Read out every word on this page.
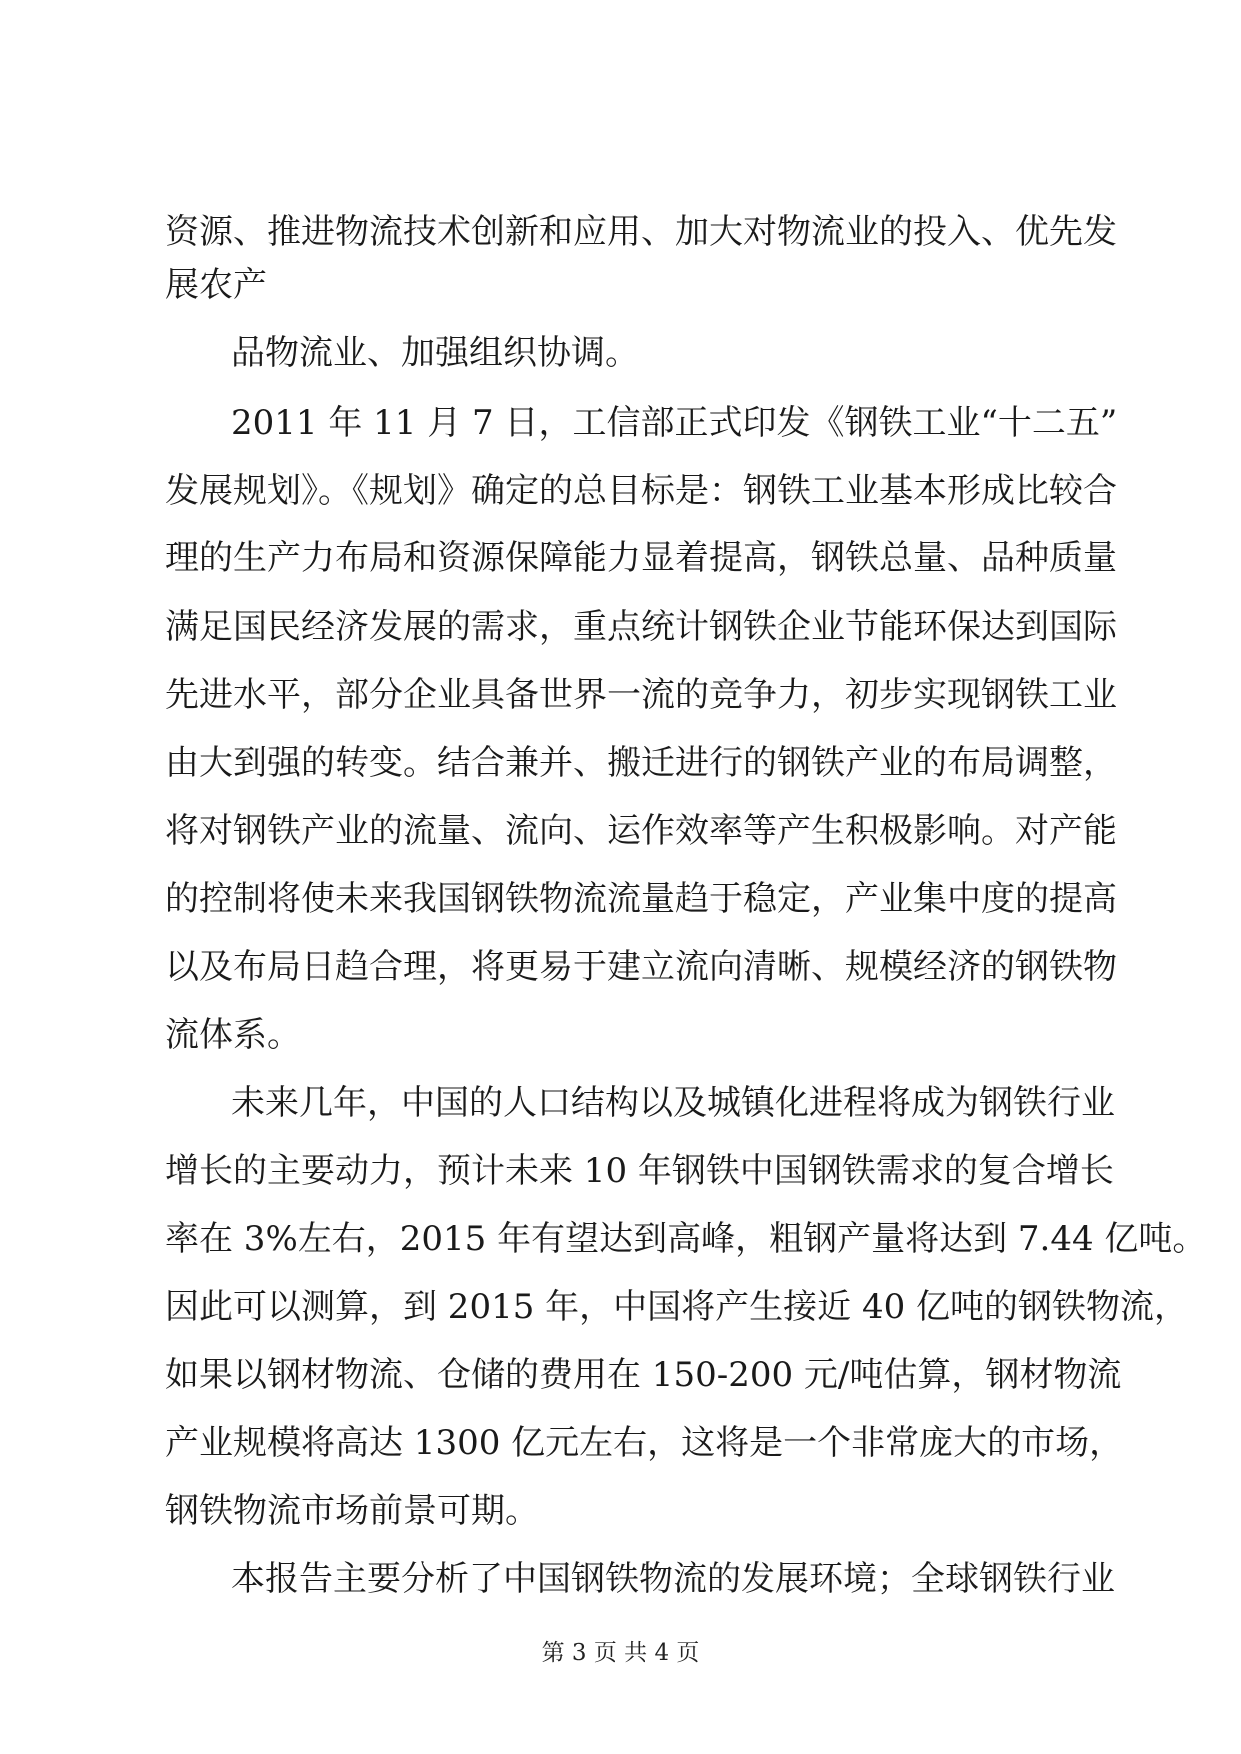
资源、推进物流技术创新和应用、加大对物流业的投入、优先发
展农产
品物流业、加强组织协调。
2011 年 11 月 7 日，工信部正式印发《钢铁工业“十二五”
发展规划》。《规划》确定的总目标是：钢铁工业基本形成比较合
理的生产力布局和资源保障能力显着提高，钢铁总量、品种质量
满足国民经济发展的需求，重点统计钢铁企业节能环保达到国际
先进水平，部分企业具备世界一流的竞争力，初步实现钢铁工业
由大到强的转变。结合兼并、搬迁进行的钢铁产业的布局调整，
将对钢铁产业的流量、流向、运作效率等产生积极影响。对产能
的控制将使未来我国钢铁物流流量趋于稳定，产业集中度的提高
以及布局日趋合理，将更易于建立流向清晰、规模经济的钢铁物
流体系。
未来几年，中国的人口结构以及城镇化进程将成为钢铁行业
增长的主要动力，预计未来 10 年钢铁中国钢铁需求的复合增长
率在 3%左右，2015 年有望达到高峰，粗钢产量将达到 7.44 亿吨。
因此可以测算，到 2015 年，中国将产生接近 40 亿吨的钢铁物流，
如果以钢材物流、仓储的费用在 150-200 元/吨估算，钢材物流
产业规模将高达 1300 亿元左右，这将是一个非常庞大的市场，
钢铁物流市场前景可期。
本报告主要分析了中国钢铁物流的发展环境；全球钢铁行业
第 3 页 共 4 页
